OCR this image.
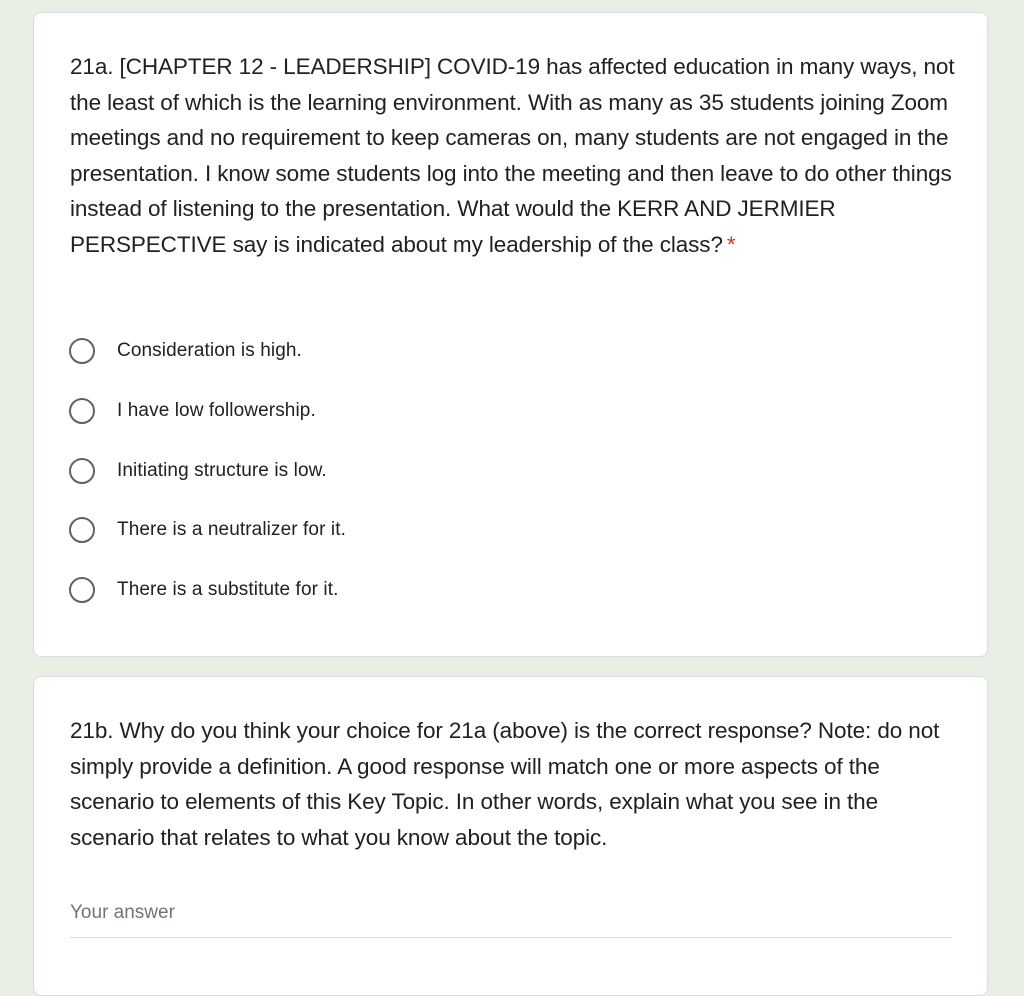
21a. [CHAPTER 12 - LEADERSHIP] COVID-19 has affected education in many ways, not the least of which is the learning environment. With as many as 35 students joining Zoom meetings and no requirement to keep cameras on, many students are not engaged in the presentation. I know some students log into the meeting and then leave to do other things instead of listening to the presentation. What would the KERR AND JERMIER PERSPECTIVE say is indicated about my leadership of the class? *
Consideration is high.
I have low followership.
Initiating structure is low.
There is a neutralizer for it.
There is a substitute for it.
21b. Why do you think your choice for 21a (above) is the correct response? Note: do not simply provide a definition. A good response will match one or more aspects of the scenario to elements of this Key Topic. In other words, explain what you see in the scenario that relates to what you know about the topic.
Your answer
